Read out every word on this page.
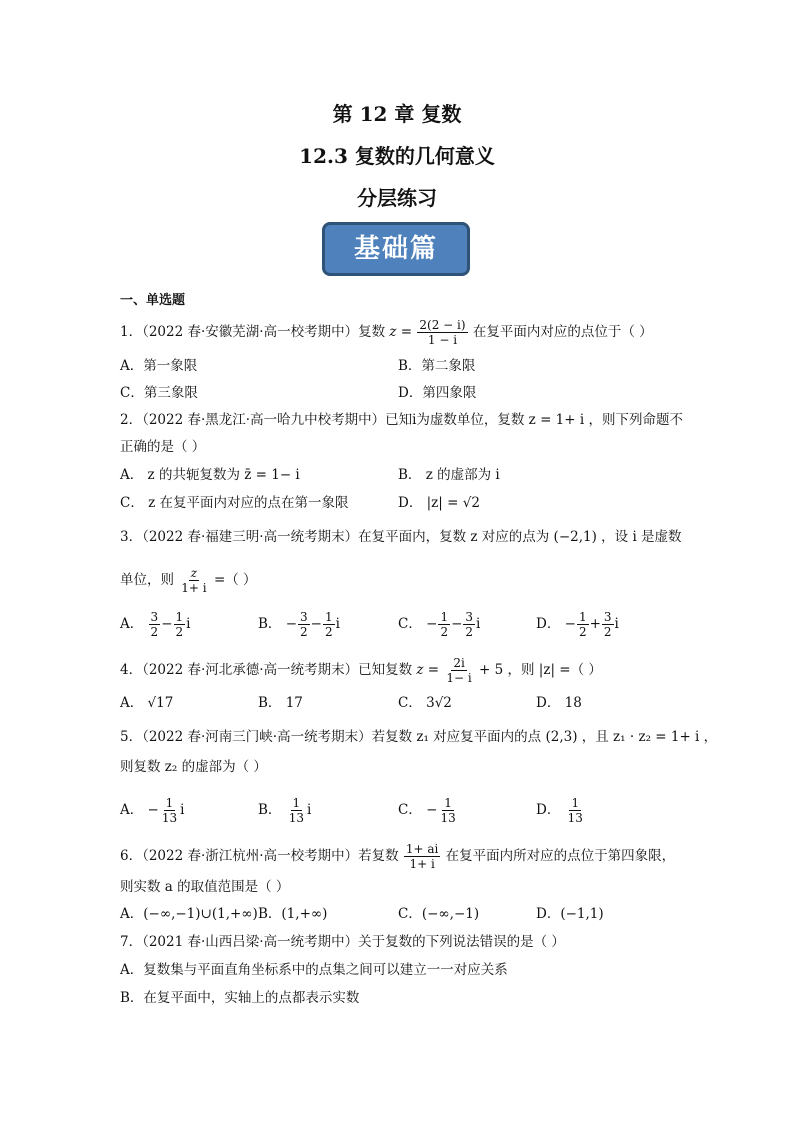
第 12 章 复数
12.3 复数的几何意义
分层练习
基础篇
一、单选题
1．（2022 春·安徽芜湖·高一校考期中）复数 $z = \frac{2(2 - i)}{1 - i}$ 在复平面内对应的点位于（ ）
A．第一象限	B．第二象限
C．第三象限	D．第四象限
2．（2022 春·黑龙江·高一哈九中校考期中）已知i为虚数单位，复数 z = 1+ i ，则下列命题不
正确的是（ ）
A． z 的共轭复数为 z̄ = 1− i	B． z 的虚部为 i
C． z 在复平面内对应的点在第一象限	D． |z| = √2
3．（2022 春·福建三明·高一统考期末）在复平面内，复数 z 对应的点为 (−2,1) ，设 i 是虚数
单位，则 $\frac{z}{1+ i}$ =（ ）
A． $\frac{3}{2} - \frac{1}{2}$ i	B． − $\frac{3}{2} - \frac{1}{2}$ i	C． − $\frac{1}{2} - \frac{3}{2}$ i	D． − $\frac{1}{2} + \frac{3}{2}$ i
4．（2022 春·河北承德·高一统考期末）已知复数 $z = \frac{2i}{1- i} + 5$ ，则 |z| =（ ）
A． √17	B． 17	C． 3√2	D． 18
5．（2022 春·河南三门峡·高一统考期末）若复数 z₁ 对应复平面内的点 (2,3) ，且 z₁ · z₂ = 1+ i ，
则复数 z₂ 的虚部为（ ）
A． − $\frac{1}{13}$ i	B． $\frac{1}{13}$ i	C． − $\frac{1}{13}$	D． $\frac{1}{13}$
6．（2022 春·浙江杭州·高一校考期中）若复数 $\frac{1+ ai}{1+ i}$ 在复平面内所对应的点位于第四象限，
则实数 a 的取值范围是（ ）
A．(−∞,−1)∪(1,+∞) B．(1,+∞)	C．(−∞,−1)	D．(−1,1)
7．（2021 春·山西吕梁·高一统考期中）关于复数的下列说法错误的是（ ）
A．复数集与平面直角坐标系中的点集之间可以建立一一对应关系
B．在复平面中，实轴上的点都表示实数
